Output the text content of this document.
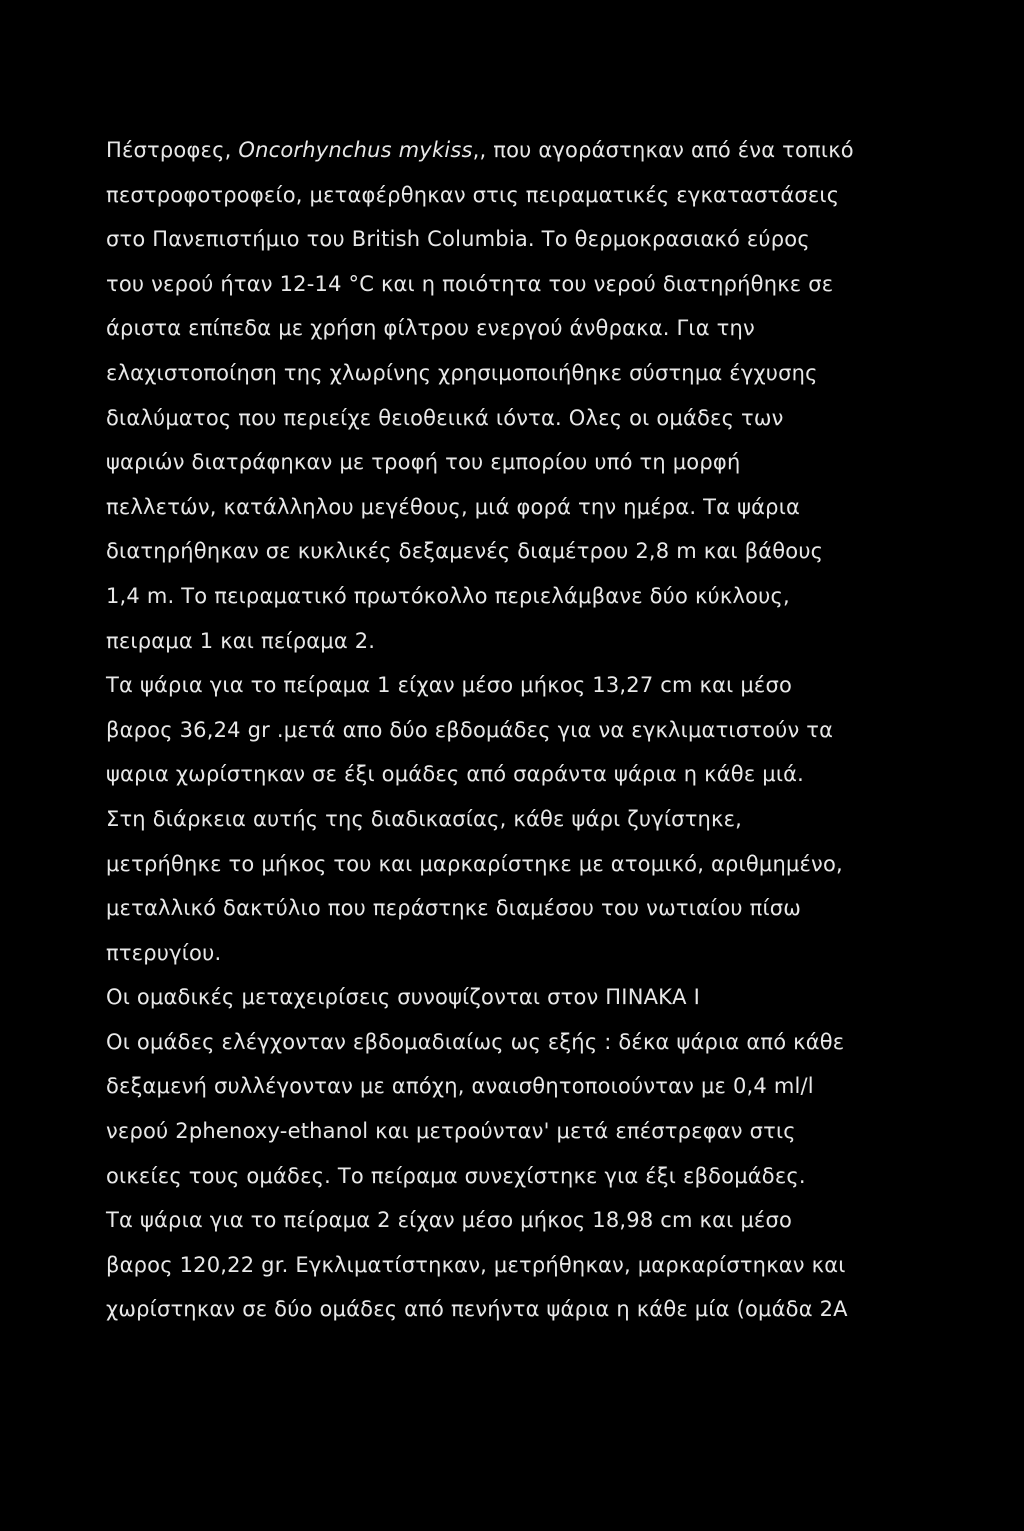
Πέστροφες, Oncorhynchus mykiss,, που αγοράστηκαν από ένα τοπικό
πεστροφοτροφείο, μεταφέρθηκαν στις πειραματικές εγκαταστάσεις
στο Πανεπιστήμιο του British Columbia. Το θερμοκρασιακό εύρος
του νερού ήταν 12-14 °C και η ποιότητα του νερού διατηρήθηκε σε
άριστα επίπεδα με χρήση φίλτρου ενεργού άνθρακα. Για την
ελαχιστοποίηση της χλωρίνης χρησιμοποιήθηκε σύστημα έγχυσης
διαλύματος που περιείχε θειοθειικά ιόντα. Ολες οι ομάδες των
ψαριών διατράφηκαν με τροφή του εμπορίου υπό τη μορφή
πελλετών, κατάλληλου μεγέθους, μιά φορά την ημέρα. Τα ψάρια
διατηρήθηκαν σε κυκλικές δεξαμενές διαμέτρου 2,8 m και βάθους
1,4 m. Το πειραματικό πρωτόκολλο περιελάμβανε δύο κύκλους,
πειραμα 1 και πείραμα 2.
Τα ψάρια για το πείραμα 1 είχαν μέσο μήκος 13,27 cm και μέσο
βαρος 36,24 gr .μετά απο δύο εβδομάδες για να εγκλιματιστούν τα
ψαρια χωρίστηκαν σε έξι ομάδες από σαράντα ψάρια η κάθε μιά.
Στη διάρκεια αυτής της διαδικασίας, κάθε ψάρι ζυγίστηκε,
μετρήθηκε το μήκος του και μαρκαρίστηκε με ατομικό, αριθμημένο,
μεταλλικό δακτύλιο που περάστηκε διαμέσου του νωτιαίου πίσω
πτερυγίου.
Οι ομαδικές μεταχειρίσεις συνοψίζονται στον ΠΙΝΑΚΑ Ι
Οι ομάδες ελέγχονταν εβδομαδιαίως ως εξής : δέκα ψάρια από κάθε
δεξαμενή συλλέγονταν με απόχη, αναισθητοποιούνταν με 0,4 ml/l
νερού 2phenoxy-ethanol και μετρούνταν' μετά επέστρεφαν στις
οικείες τους ομάδες. Το πείραμα συνεχίστηκε για έξι εβδομάδες.
Τα ψάρια για το πείραμα 2 είχαν μέσο μήκος 18,98 cm και μέσο
βαρος 120,22 gr. Εγκλιματίστηκαν, μετρήθηκαν, μαρκαρίστηκαν και
χωρίστηκαν σε δύο ομάδες από πενήντα ψάρια η κάθε μία (ομάδα 2Α
